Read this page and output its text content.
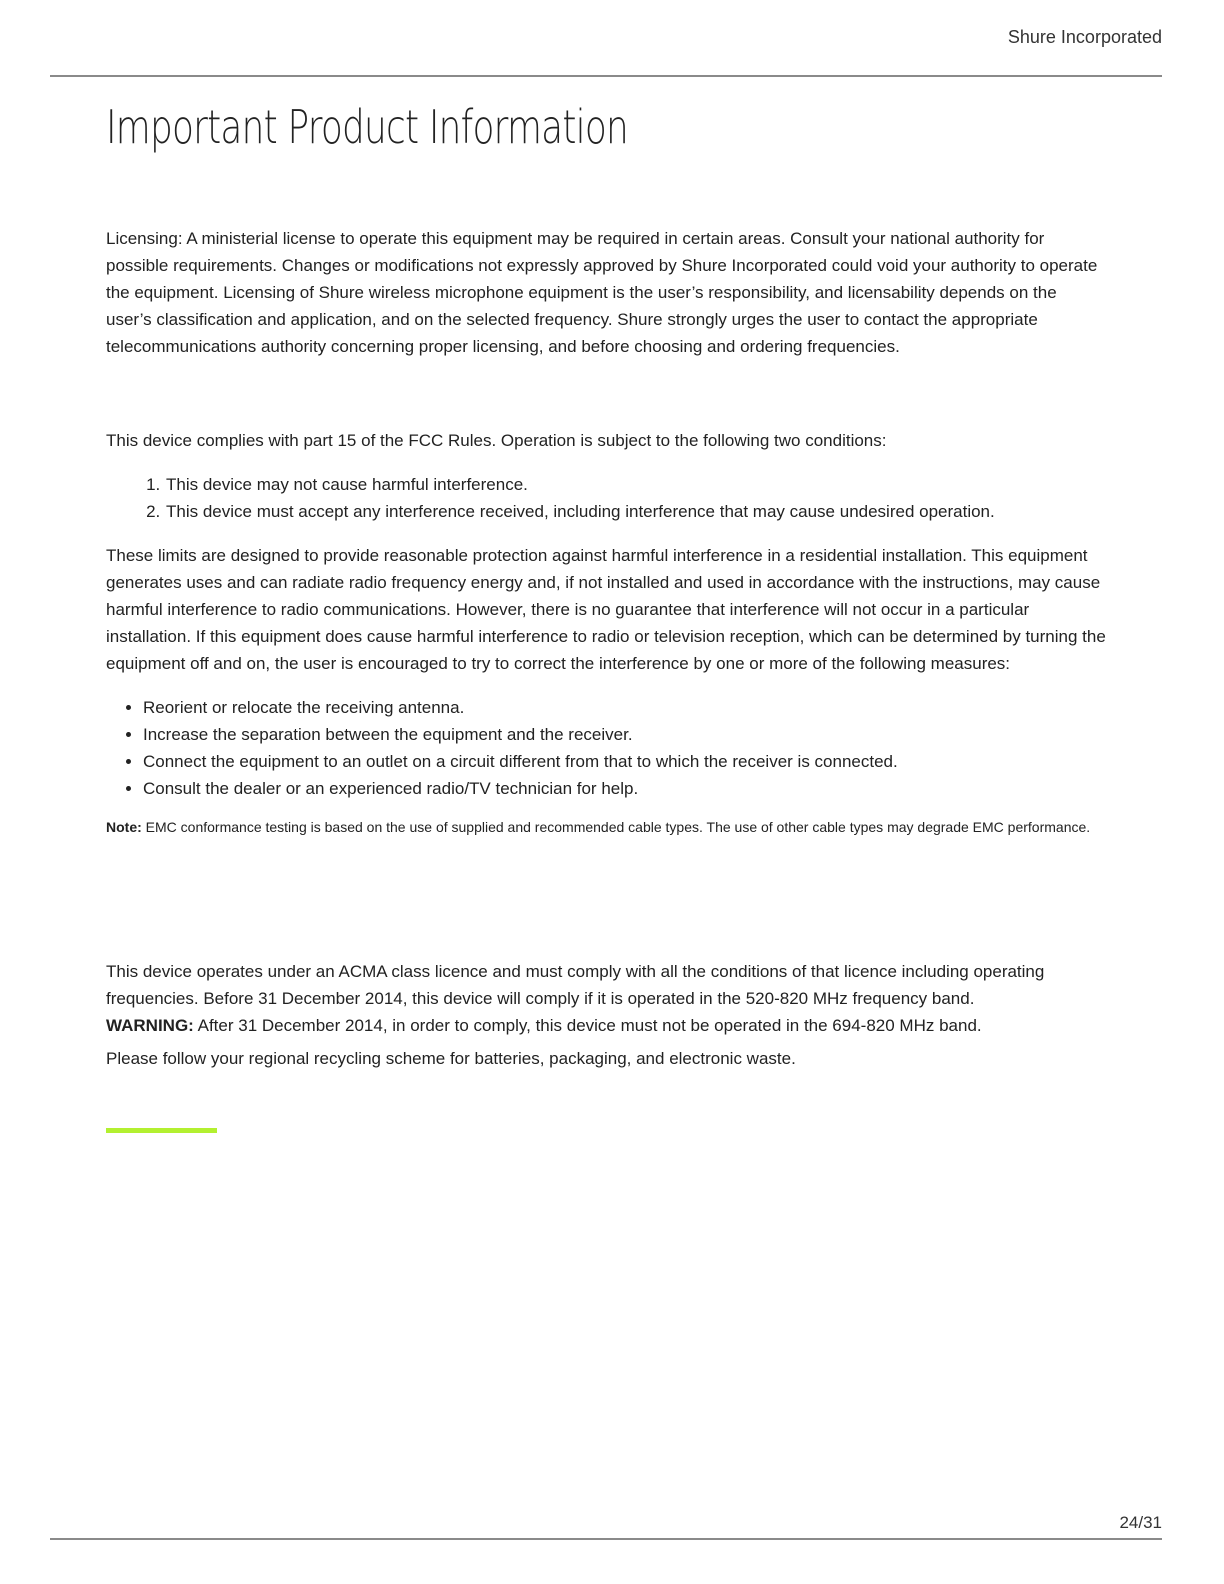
Shure Incorporated
Important Product Information

Licensing: A ministerial license to operate this equipment may be required in certain areas. Consult your national authority for possible requirements. Changes or modifications not expressly approved by Shure Incorporated could void your authority to operate the equipment. Licensing of Shure wireless microphone equipment is the user’s responsibility, and licensability depends on the user’s classification and application, and on the selected frequency. Shure strongly urges the user to contact the appropriate telecommunications authority concerning proper licensing, and before choosing and ordering frequencies.

This device complies with part 15 of the FCC Rules. Operation is subject to the following two conditions:

1. This device may not cause harmful interference.
2. This device must accept any interference received, including interference that may cause undesired operation.

These limits are designed to provide reasonable protection against harmful interference in a residential installation. This equipment generates uses and can radiate radio frequency energy and, if not installed and used in accordance with the instructions, may cause harmful interference to radio communications. However, there is no guarantee that interference will not occur in a particular installation. If this equipment does cause harmful interference to radio or television reception, which can be determined by turning the equipment off and on, the user is encouraged to try to correct the interference by one or more of the following measures:

• Reorient or relocate the receiving antenna.
• Increase the separation between the equipment and the receiver.
• Connect the equipment to an outlet on a circuit different from that to which the receiver is connected.
• Consult the dealer or an experienced radio/TV technician for help.

Note: EMC conformance testing is based on the use of supplied and recommended cable types. The use of other cable types may degrade EMC performance.

This device operates under an ACMA class licence and must comply with all the conditions of that licence including operating frequencies. Before 31 December 2014, this device will comply if it is operated in the 520-820 MHz frequency band.
WARNING: After 31 December 2014, in order to comply, this device must not be operated in the 694-820 MHz band.

Please follow your regional recycling scheme for batteries, packaging, and electronic waste.

24/31
